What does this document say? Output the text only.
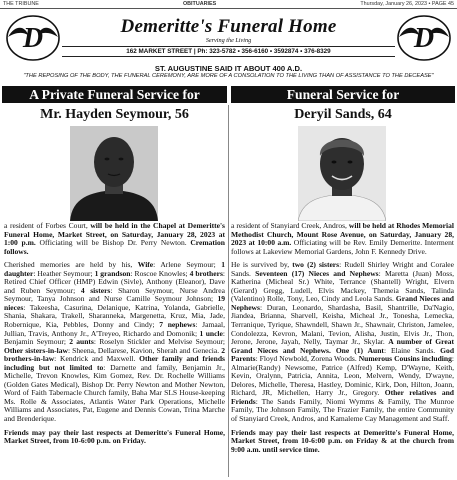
THE TRIBUNE	OBITUARIES	Thursday, January 26, 2023 • PAGE 45
D	D
Demeritte's Funeral Home
Serving the Living
162 MARKET STREET | Ph: 323-5782 • 356-6160 • 3592874 • 376-8329
ST. AUGUSTINE SAID IT ABOUT 400 A.D.
"THE REPOSING OF THE BODY, THE FUNERAL CEREMONY, ARE MORE OF A CONSOLATION TO THE LIVING THAN OF ASSISTANCE TO THE DECEASE"
A Private Funeral Service for	Funeral Service for
Mr. Hayden Seymour, 56	Deryil Sands, 64

a resident of Forbes Court, will be held in the Chapel at Demeritte's Funeral Home, Market Street, on Saturday, January 28, 2023 at 1:00 p.m. Officiating will be Bishop Dr. Perry Newton. Cremation follows.

Cherished memories are held by his, Wife: Arlene Seymour; 1 daughter: Heather Seymour; 1 grandson: Roscoe Knowles; 4 brothers: Retired Chief Officer (HMP) Edwin (Sivle), Anthony (Eleanor), Dave and Ruben Seymour; 4 sisters: Sharon Seymour, Nurse Andrea Seymour, Tanya Johnson and Nurse Camille Seymour Johnson; 19 nieces: Takeesha, Casurina, Delanique, Katrina, Yolanda, Gabrielle, Shania, Shakara, Trakell, Sharanneka, Margenetta, Kruz, Mia, Jade, Robernique, Kia, Pebbles, Donny and Cindy; 7 nephews: Jamaal, Jullian, Travis, Anthony Jr., A'Treyeo, Richardo and Domonik; 1 uncle: Benjamin Seymour; 2 aunts: Roselyn Stickler and Melvise Seymour; Other sisters-in-law: Sheena, Dellarese, Kavion, Sherah and Genecia. 2 brothers-in-law: Kendrick and Maxwell. Other family and friends including but not limited to: Darnette and family, Benjamin Jr., Michelle, Trevon Knowles, Kim Gomez, Rev. Dr. Rochelle Williams (Golden Gates Medical), Bishop Dr. Perry Newton and Mother Newton, Word of Faith Tabernacle Church family, Baha Mar SLS House-keeping Ms. Rolle & Associates, Atlantis Water Park Operations, Michelle Williams and Associates, Pat, Eugene and Dennis Cowan, Trina Marche and Brenderique.

Friends may pay their last respects at Demeritte's Funeral Home, Market Street, from 10-6:00 p.m. on Friday.

a resident of Stanyiard Creek, Andros, will be held at Rhodes Memorial Methodist Church, Mount Rose Avenue, on Saturday, January 28, 2023 at 10:00 a.m. Officiating will be Rev. Emily Demeritte. Interment follows at Lakeview Memorial Gardens, John F. Kennedy Drive.

He is survived by, two (2) sisters: Rudell Shirley Wright and Coralee Sands. Seventeen (17) Nieces and Nephews: Maretta (Juan) Moss, Katherina (Micheal Sr.) White, Terrance (Shantell) Wright, Elvern (Gerard) Gregg, Ludell, Elvis Mackey, Themeia Sands, Talinda (Valentino) Rolle, Tony, Leo, Cindy and Leola Sands. Grand Nieces and Nephews: Duran, Leonardo, Shardasha, Basil, Shantrille, Da'Nagio, Jiandea, Brianna, Sharvell, Keisha, Micheal Jr., Tonesha, Lemecka, Terranique, Tyrique, Shawndell, Shawn Jr., Shawnair, Christon, Jamelee, Condolezza, Kevron, Malani, Tevion, Alisha, Justin, Elvis Jr., Thon, Jerone, Jerone, Jayah, Nelly, Taymar Jr., Skylar. A number of Great Grand Nieces and Nephews. One (1) Aunt: Elaine Sands. God Parents: Floyd Newbold, Zorena Woods. Numerous Cousins including: Almarie(Randy) Newsome, Patrice (Alfred) Kemp, D'Wayne, Keith, Kevin, Oralynn, Patricia, Annita, Leon, Melvern, Wendy, D'wayne, Delores, Michelle, Theresa, Hastley, Dominic, Kirk, Don, Hilton, Joann, Richard, JR, Michellen, Harry Jr., Gregory. Other relatives and Friends: The Sands Family, Niomi Wymms & Family, The Munroe Family, The Johnson Family, The Frazier Family, the entire Community of Stanyiard Creek, Andros, and Kamaleme Cay Management and Staff.

Friends may pay their last respects at Demeritte's Funeral Home, Market Street, from 10-6:00 p.m. on Friday & at the church from 9:00 a.m. until service time.
